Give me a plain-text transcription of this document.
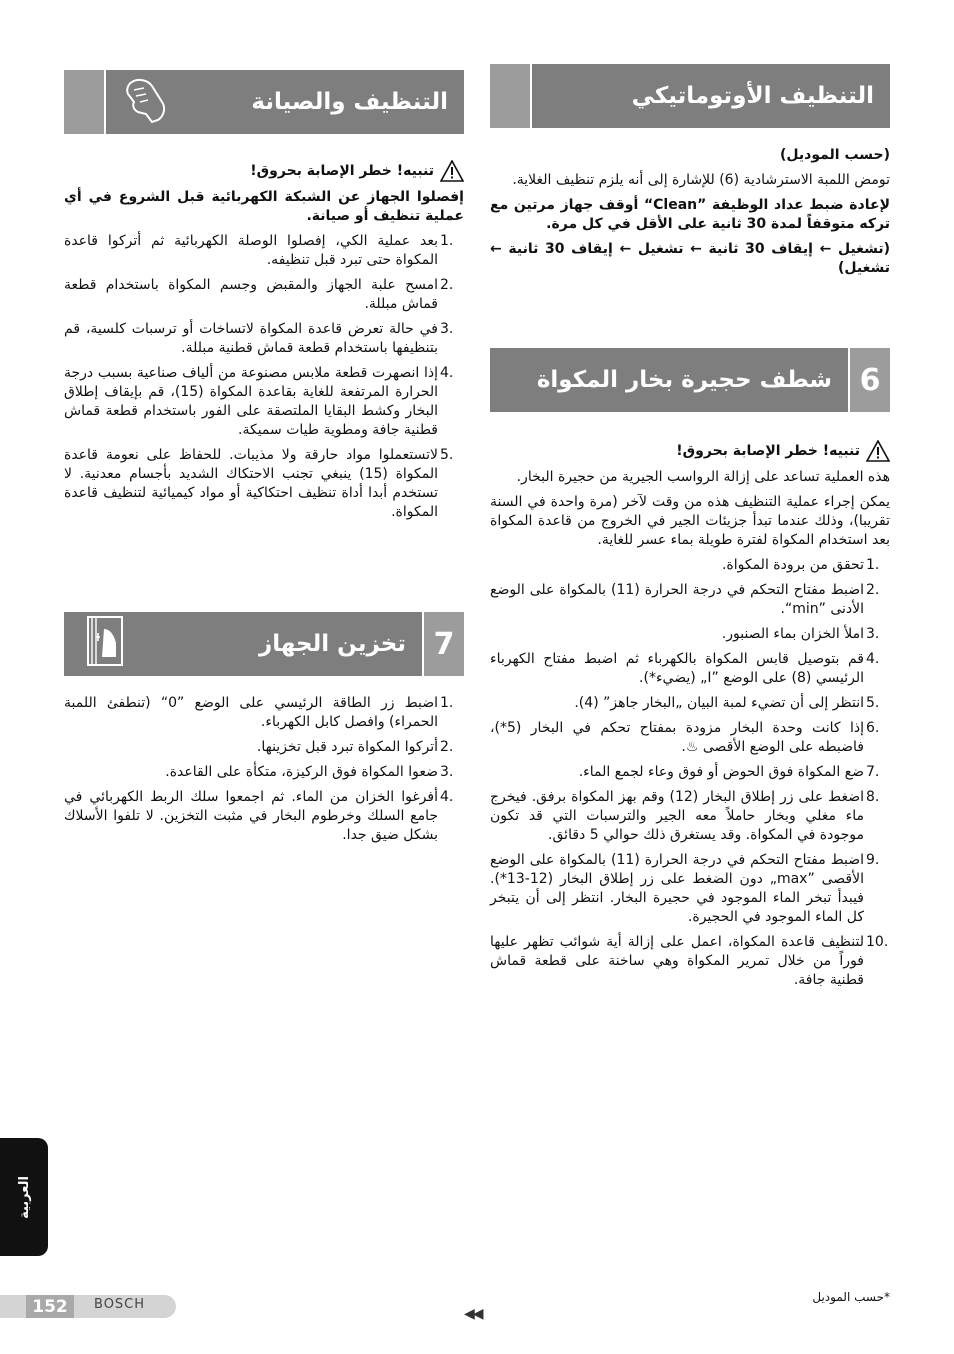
التنظيف الأوتوماتيكي

(حسب الموديل)

تومض اللمبة الاسترشادية (6) للإشارة إلى أنه يلزم تنظيف الغلاية.

لإعادة ضبط عداد الوظيفة ”Clean“ أوقف جهاز مرتين مع تركه متوقفاً لمدة 30 ثانية على الأقل في كل مرة.

(تشغيل ← إيقاف 30 ثانية ← تشغيل ← إيقاف 30 ثانية ← تشغيل)

6
شطف حجيرة بخار المكواة
تنبيه! خطر الإصابة بحروق!

هذه العملية تساعد على إزالة الرواسب الجيرية من حجيرة البخار.

يمكن إجراء عملية التنظيف هذه من وقت لآخر (مرة واحدة في السنة تقريبا)، وذلك عندما تبدأ جزيئات الجير في الخروج من قاعدة المكواة بعد استخدام المكواة لفترة طويلة بماء عسر للغاية.

1.
تحقق من برودة المكواة.
2.
اضبط مفتاح التحكم في درجة الحرارة (11) بالمكواة على الوضع الأدنى ”min“.
3.
املأ الخزان بماء الصنبور.
4.
قم بتوصيل قابس المكواة بالكهرباء ثم اضبط مفتاح الكهرباء الرئيسي (8) على الوضع ”I„ (يضيء*).
5.
انتظر إلى أن تضيء لمبة البيان „البخار جاهز” (4).
6.
إذا كانت وحدة البخار مزودة بمفتاح تحكم في البخار (5*)، فاضبطه على الوضع الأقصى ♨.
7.
ضع المكواة فوق الحوض أو فوق وعاء لجمع الماء.
8.
اضغط على زر إطلاق البخار (12) وقم بهز المكواة برفق. فيخرج ماء مغلي وبخار حاملاً معه الجير والترسبات التي قد تكون موجودة في المكواة. وقد يستغرق ذلك حوالي 5 دقائق.
9.
اضبط مفتاح التحكم في درجة الحرارة (11) بالمكواة على الوضع الأقصى ”max„ دون الضغط على زر إطلاق البخار (12-13*). فيبدأ تبخر الماء الموجود في حجيرة البخار. انتظر إلى أن يتبخر كل الماء الموجود في الحجيرة.
10.
لتنظيف قاعدة المكواة، اعمل على إزالة أية شوائب تظهر عليها فوراً من خلال تمرير المكواة وهي ساخنة على قطعة قماش قطنية جافة.
التنظيف والصيانة
تنبيه! خطر الإصابة بحروق!

إفصلوا الجهاز عن الشبكة الكهربائية قبل الشروع في أي عملية تنظيف أو صيانة.

1.
بعد عملية الكي، إفصلوا الوصلة الكهربائية ثم أتركوا قاعدة المكواة حتى تبرد قبل تنظيفه.
2.
امسح علبة الجهاز والمقبض وجسم المكواة باستخدام قطعة قماش مبللة.
3.
في حالة تعرض قاعدة المكواة لاتساخات أو ترسبات كلسية، قم بتنظيفها باستخدام قطعة قماش قطنية مبللة.
4.
إذا انصهرت قطعة ملابس مصنوعة من ألياف صناعية بسبب درجة الحرارة المرتفعة للغاية بقاعدة المكواة (15)، قم بإيقاف إطلاق البخار وكشط البقايا الملتصقة على الفور باستخدام قطعة قماش قطنية جافة ومطوية طيات سميكة.
5.
لاتستعملوا مواد حارقة ولا مذيبات. للحفاظ على نعومة قاعدة المكواة (15) ينبغي تجنب الاحتكاك الشديد بأجسام معدنية. لا تستخدم أبدا أداة تنظيف احتكاكية أو مواد كيميائية لتنظيف قاعدة المكواة.
7
تخزين الجهاز
1.
اضبط زر الطاقة الرئيسي على الوضع ”0“ (تنطفئ اللمبة الحمراء) وافصل كابل الكهرباء.
2.
أتركوا المكواة تبرد قبل تخزينها.
3.
ضعوا المكواة فوق الركيزة، متكأة على القاعدة.
4.
أفرغوا الخزان من الماء. ثم اجمعوا سلك الربط الكهربائي في جامع السلك وخرطوم البخار في مثبت التخزين. لا تلفوا الأسلاك بشكل ضيق جدا.
العربية
152	BOSCH	*حسب الموديل
◀◀
